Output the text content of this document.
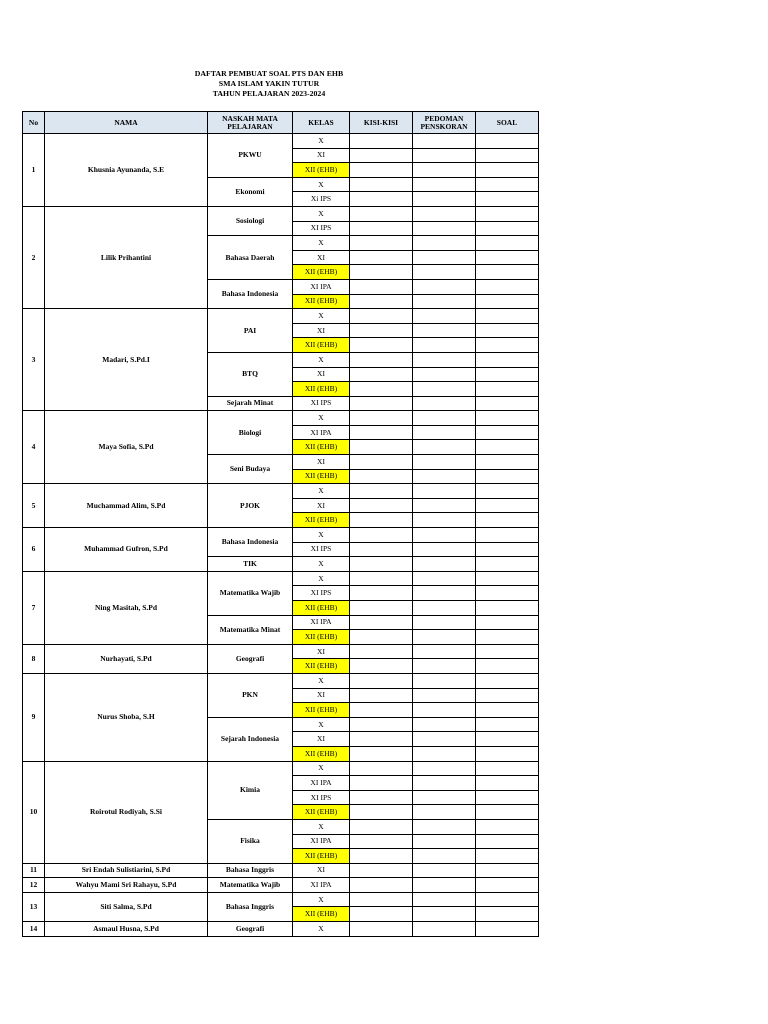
DAFTAR PEMBUAT SOAL PTS DAN EHB
SMA ISLAM YAKIN TUTUR
TAHUN PELAJARAN 2023-2024
No	NAMA	NASKAH MATA PELAJARAN	KELAS	KISI-KISI	PEDOMAN PENSKORAN	SOAL
1	Khusnia Ayunanda, S.E	PKWU	X			
			XI			
			XII (EHB)			
		Ekonomi	X			
			Xi IPS			
2	Lilik Prihantini	Sosiologi	X			
			XI IPS			
		Bahasa Daerah	X			
			XI			
			XII (EHB)			
		Bahasa Indonesia	XI IPA			
			XII (EHB)			
3	Madari, S.Pd.I	PAI	X			
			XI			
			XII (EHB)			
		BTQ	X			
			XI			
			XII (EHB)			
		Sejarah Minat	XI IPS			
4	Maya Sofia, S.Pd	Biologi	X			
			XI IPA			
			XII (EHB)			
		Seni Budaya	XI			
			XII (EHB)			
5	Muchammad Alim, S.Pd	PJOK	X			
			XI			
			XII (EHB)			
6	Muhammad Gufron, S.Pd	Bahasa Indonesia	X			
			XI IPS			
		TIK	X			
7	Ning Masitah, S.Pd	Matematika Wajib	X			
			XI IPS			
			XII (EHB)			
		Matematika Minat	XI IPA			
			XII (EHB)			
8	Nurhayati, S.Pd	Geografi	XI			
			XII (EHB)			
9	Nurus Shoba, S.H	PKN	X			
			XI			
			XII (EHB)			
		Sejarah Indonesia	X			
			XI			
			XII (EHB)			
10	Roirotul Rodiyah, S.Si	Kimia	X			
			XI IPA			
			XI IPS			
			XII (EHB)			
		Fisika	X			
			XI IPA			
			XII (EHB)			
11	Sri Endah Sulistiarini, S.Pd	Bahasa Inggris	XI			
12	Wahyu Mami Sri Rahayu, S.Pd	Matematika Wajib	XI IPA			
13	Siti Salma, S.Pd	Bahasa Inggris	X			
			XII (EHB)			
14	Asmaul Husna, S.Pd	Geografi	X			
